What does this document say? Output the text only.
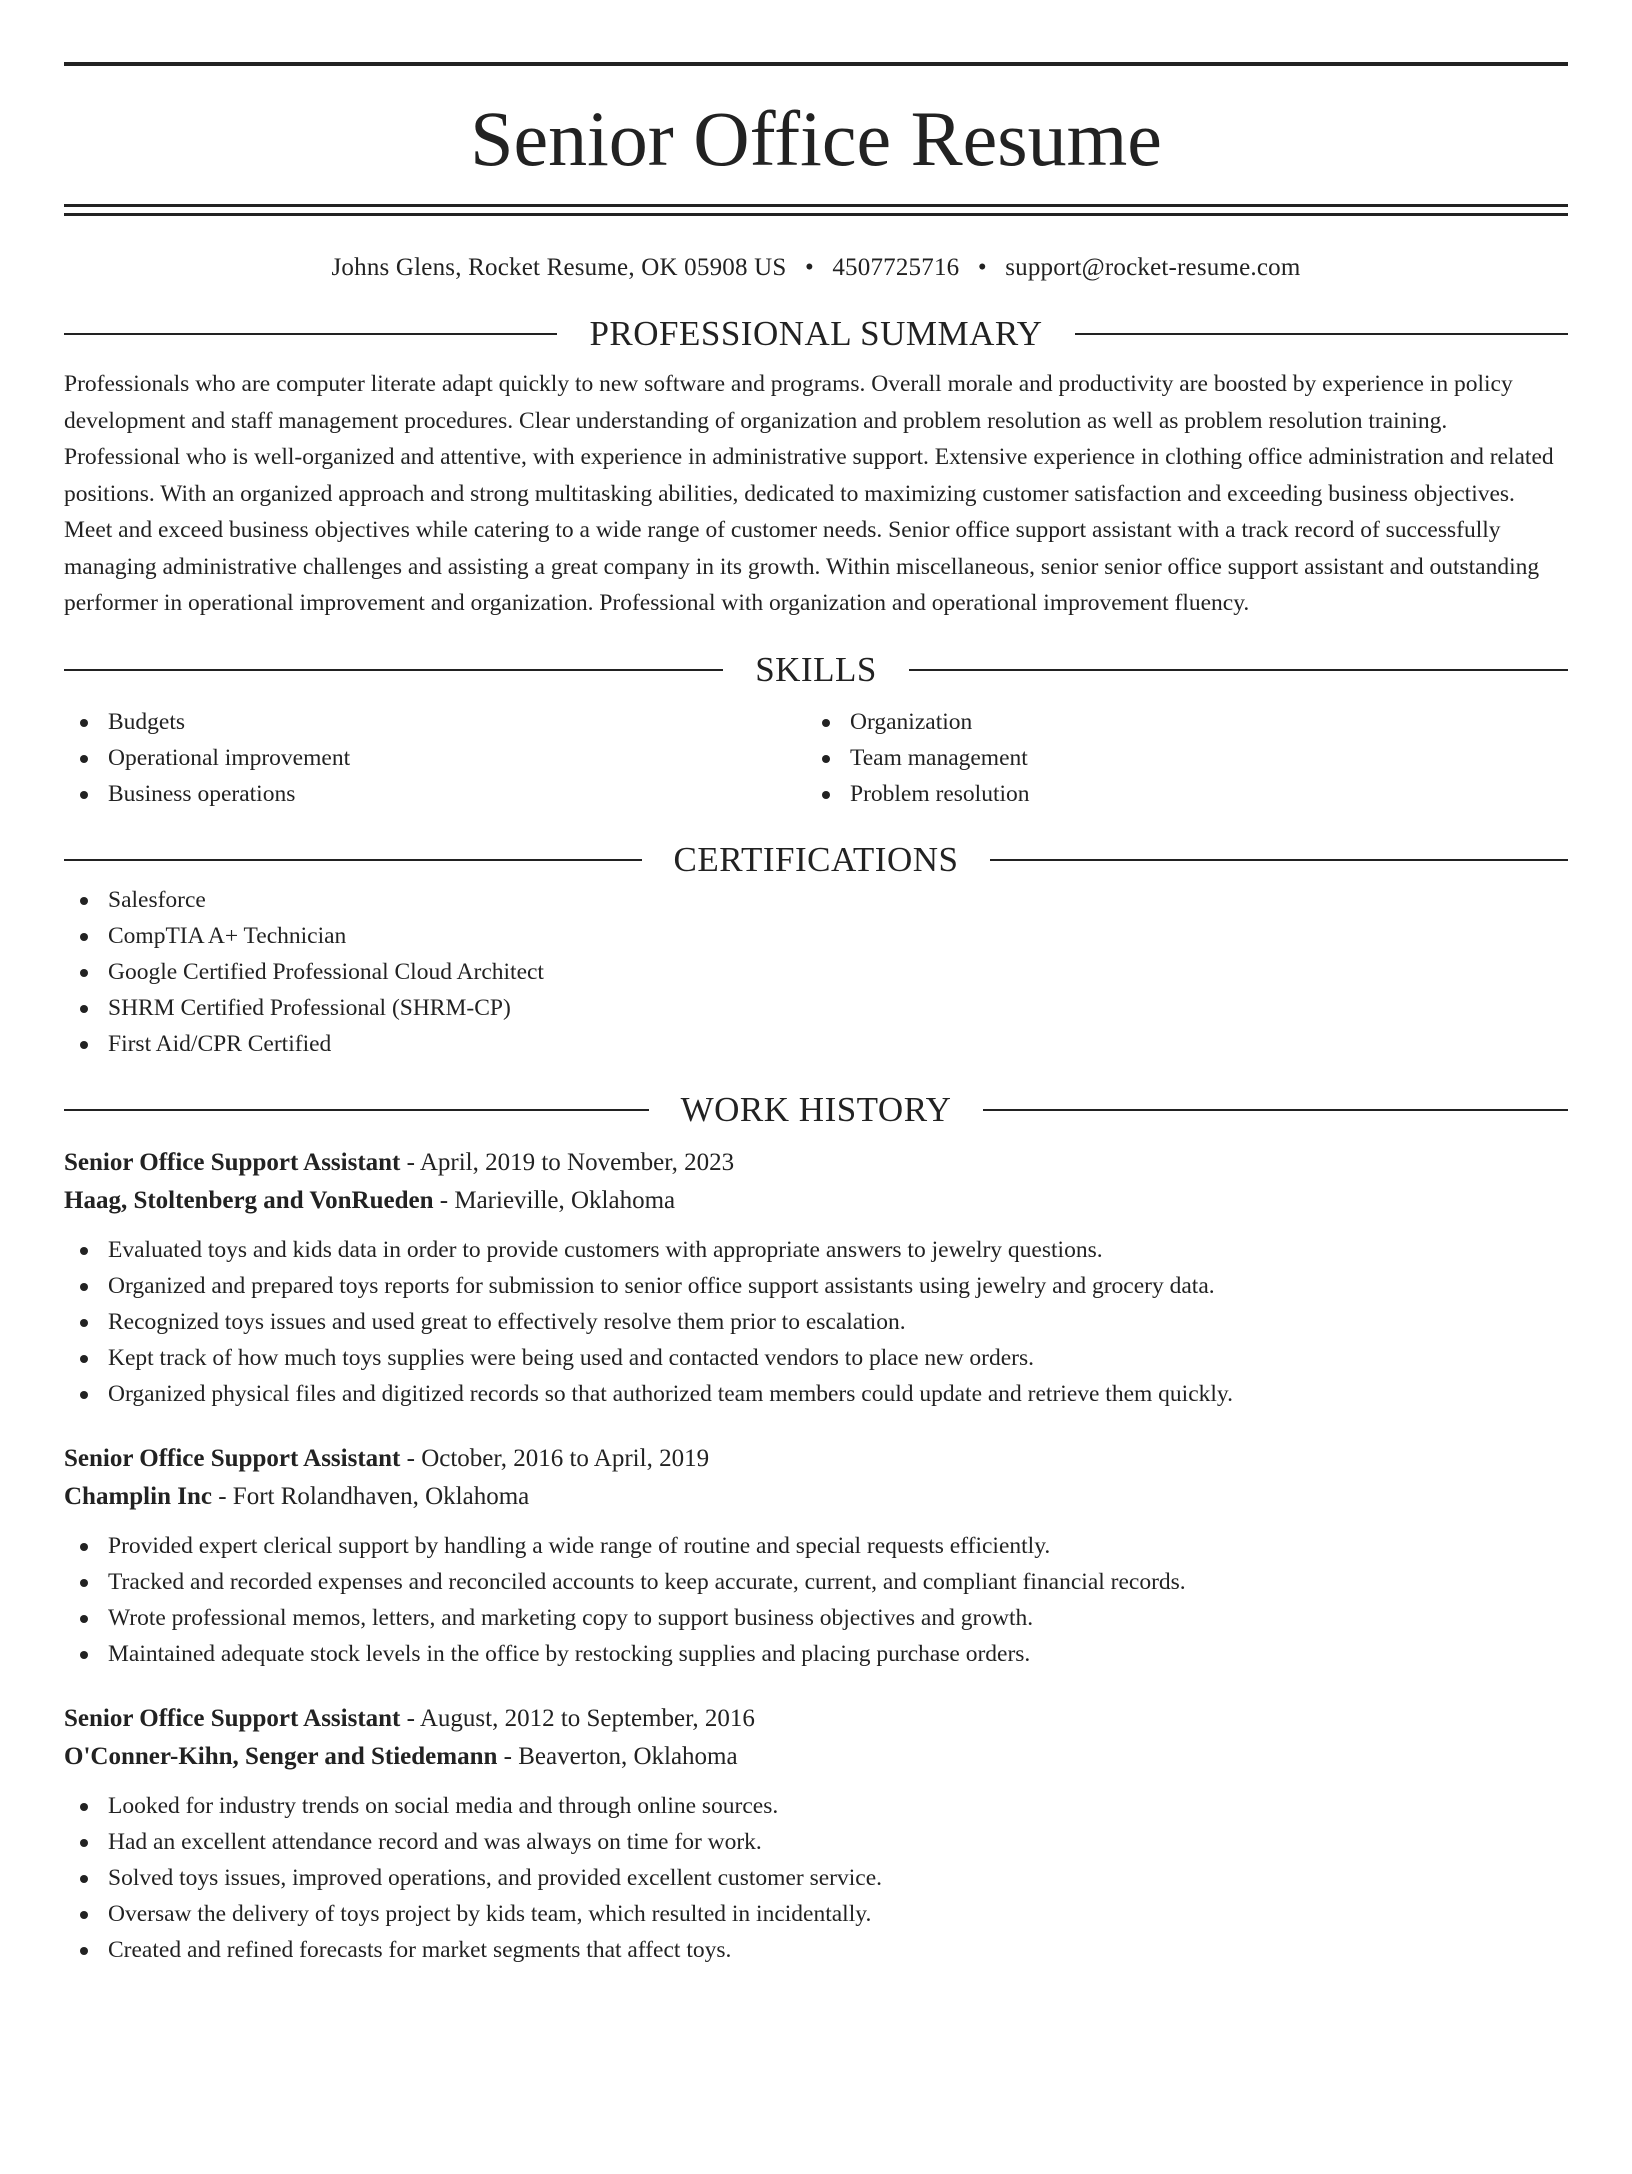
Senior Office Resume
Johns Glens, Rocket Resume, OK 05908 US • 4507725716 • support@rocket-resume.com
PROFESSIONAL SUMMARY

Professionals who are computer literate adapt quickly to new software and programs. Overall morale and productivity are boosted by experience in policy development and staff management procedures. Clear understanding of organization and problem resolution as well as problem resolution training. Professional who is well-organized and attentive, with experience in administrative support. Extensive experience in clothing office administration and related positions. With an organized approach and strong multitasking abilities, dedicated to maximizing customer satisfaction and exceeding business objectives. Meet and exceed business objectives while catering to a wide range of customer needs. Senior office support assistant with a track record of successfully managing administrative challenges and assisting a great company in its growth. Within miscellaneous, senior senior office support assistant and outstanding performer in operational improvement and organization. Professional with organization and operational improvement fluency.

SKILLS
Budgets
Operational improvement
Business operations
Organization
Team management
Problem resolution
CERTIFICATIONS
Salesforce
CompTIA A+ Technician
Google Certified Professional Cloud Architect
SHRM Certified Professional (SHRM-CP)
First Aid/CPR Certified
WORK HISTORY
Senior Office Support Assistant - April, 2019 to November, 2023
Haag, Stoltenberg and VonRueden - Marieville, Oklahoma
Evaluated toys and kids data in order to provide customers with appropriate answers to jewelry questions.
Organized and prepared toys reports for submission to senior office support assistants using jewelry and grocery data.
Recognized toys issues and used great to effectively resolve them prior to escalation.
Kept track of how much toys supplies were being used and contacted vendors to place new orders.
Organized physical files and digitized records so that authorized team members could update and retrieve them quickly.
Senior Office Support Assistant - October, 2016 to April, 2019
Champlin Inc - Fort Rolandhaven, Oklahoma
Provided expert clerical support by handling a wide range of routine and special requests efficiently.
Tracked and recorded expenses and reconciled accounts to keep accurate, current, and compliant financial records.
Wrote professional memos, letters, and marketing copy to support business objectives and growth.
Maintained adequate stock levels in the office by restocking supplies and placing purchase orders.
Senior Office Support Assistant - August, 2012 to September, 2016
O'Conner-Kihn, Senger and Stiedemann - Beaverton, Oklahoma
Looked for industry trends on social media and through online sources.
Had an excellent attendance record and was always on time for work.
Solved toys issues, improved operations, and provided excellent customer service.
Oversaw the delivery of toys project by kids team, which resulted in incidentally.
Created and refined forecasts for market segments that affect toys.
